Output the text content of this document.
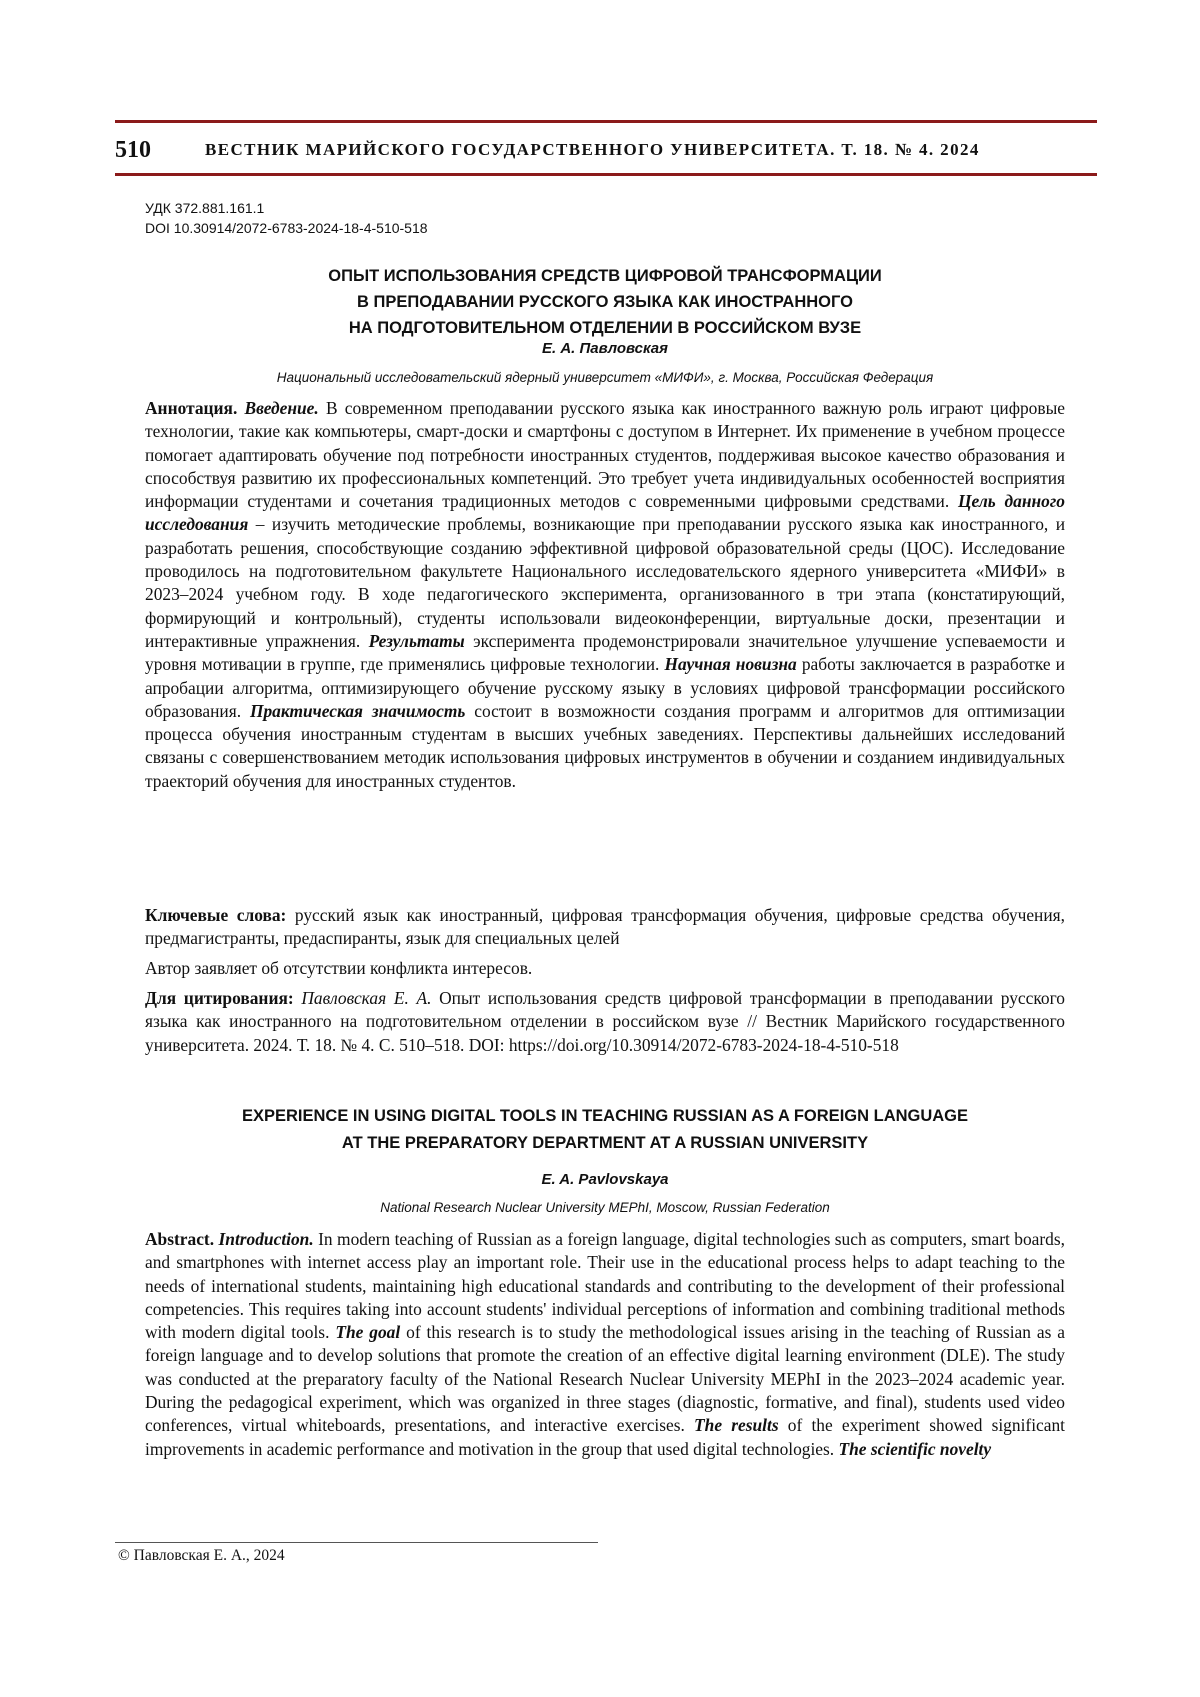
510	ВЕСТНИК МАРИЙСКОГО ГОСУДАРСТВЕННОГО УНИВЕРСИТЕТА. Т. 18. № 4. 2024
УДК 372.881.161.1
DOI 10.30914/2072-6783-2024-18-4-510-518
ОПЫТ ИСПОЛЬЗОВАНИЯ СРЕДСТВ ЦИФРОВОЙ ТРАНСФОРМАЦИИ
В ПРЕПОДАВАНИИ РУССКОГО ЯЗЫКА КАК ИНОСТРАННОГО
НА ПОДГОТОВИТЕЛЬНОМ ОТДЕЛЕНИИ В РОССИЙСКОМ ВУЗЕ
Е. А. Павловская
Национальный исследовательский ядерный университет «МИФИ», г. Москва, Российская Федерация
Аннотация. Введение. В современном преподавании русского языка как иностранного важную роль играют цифровые технологии, такие как компьютеры, смарт-доски и смартфоны с доступом в Интернет. Их применение в учебном процессе помогает адаптировать обучение под потребности иностранных студентов, поддерживая высокое качество образования и способствуя развитию их профессиональных компетенций. Это требует учета индивидуальных особенностей восприятия информации студентами и сочетания традиционных методов с современными цифровыми средствами. Цель данного исследования – изучить методические проблемы, возникающие при преподавании русского языка как иностранного, и разработать решения, способствующие созданию эффективной цифровой образовательной среды (ЦОС). Исследование проводилось на подготовительном факультете Национального исследовательского ядерного университета «МИФИ» в 2023–2024 учебном году. В ходе педагогического эксперимента, организованного в три этапа (констатирующий, формирующий и контрольный), студенты использовали видеоконференции, виртуальные доски, презентации и интерактивные упражнения. Результаты эксперимента продемонстрировали значительное улучшение успеваемости и уровня мотивации в группе, где применялись цифровые технологии. Научная новизна работы заключается в разработке и апробации алгоритма, оптимизирующего обучение русскому языку в условиях цифровой трансформации российского образования. Практическая значимость состоит в возможности создания программ и алгоритмов для оптимизации процесса обучения иностранным студентам в высших учебных заведениях. Перспективы дальнейших исследований связаны с совершенствованием методик использования цифровых инструментов в обучении и созданием индивидуальных траекторий обучения для иностранных студентов.
Ключевые слова: русский язык как иностранный, цифровая трансформация обучения, цифровые средства обучения, предмагистранты, предаспиранты, язык для специальных целей
Автор заявляет об отсутствии конфликта интересов.
Для цитирования: Павловская Е. А. Опыт использования средств цифровой трансформации в преподавании русского языка как иностранного на подготовительном отделении в российском вузе // Вестник Марийского государственного университета. 2024. Т. 18. № 4. С. 510–518. DOI: https://doi.org/10.30914/2072-6783-2024-18-4-510-518
EXPERIENCE IN USING DIGITAL TOOLS IN TEACHING RUSSIAN AS A FOREIGN LANGUAGE
AT THE PREPARATORY DEPARTMENT AT A RUSSIAN UNIVERSITY
E. A. Pavlovskaya
National Research Nuclear University MEPhI, Moscow, Russian Federation
Abstract. Introduction. In modern teaching of Russian as a foreign language, digital technologies such as computers, smart boards, and smartphones with internet access play an important role. Their use in the educational process helps to adapt teaching to the needs of international students, maintaining high educational standards and contributing to the development of their professional competencies. This requires taking into account students' individual perceptions of information and combining traditional methods with modern digital tools. The goal of this research is to study the methodological issues arising in the teaching of Russian as a foreign language and to develop solutions that promote the creation of an effective digital learning environment (DLE). The study was conducted at the preparatory faculty of the National Research Nuclear University MEPhI in the 2023–2024 academic year. During the pedagogical experiment, which was organized in three stages (diagnostic, formative, and final), students used video conferences, virtual whiteboards, presentations, and interactive exercises. The results of the experiment showed significant improvements in academic performance and motivation in the group that used digital technologies. The scientific novelty
© Павловская Е. А., 2024
